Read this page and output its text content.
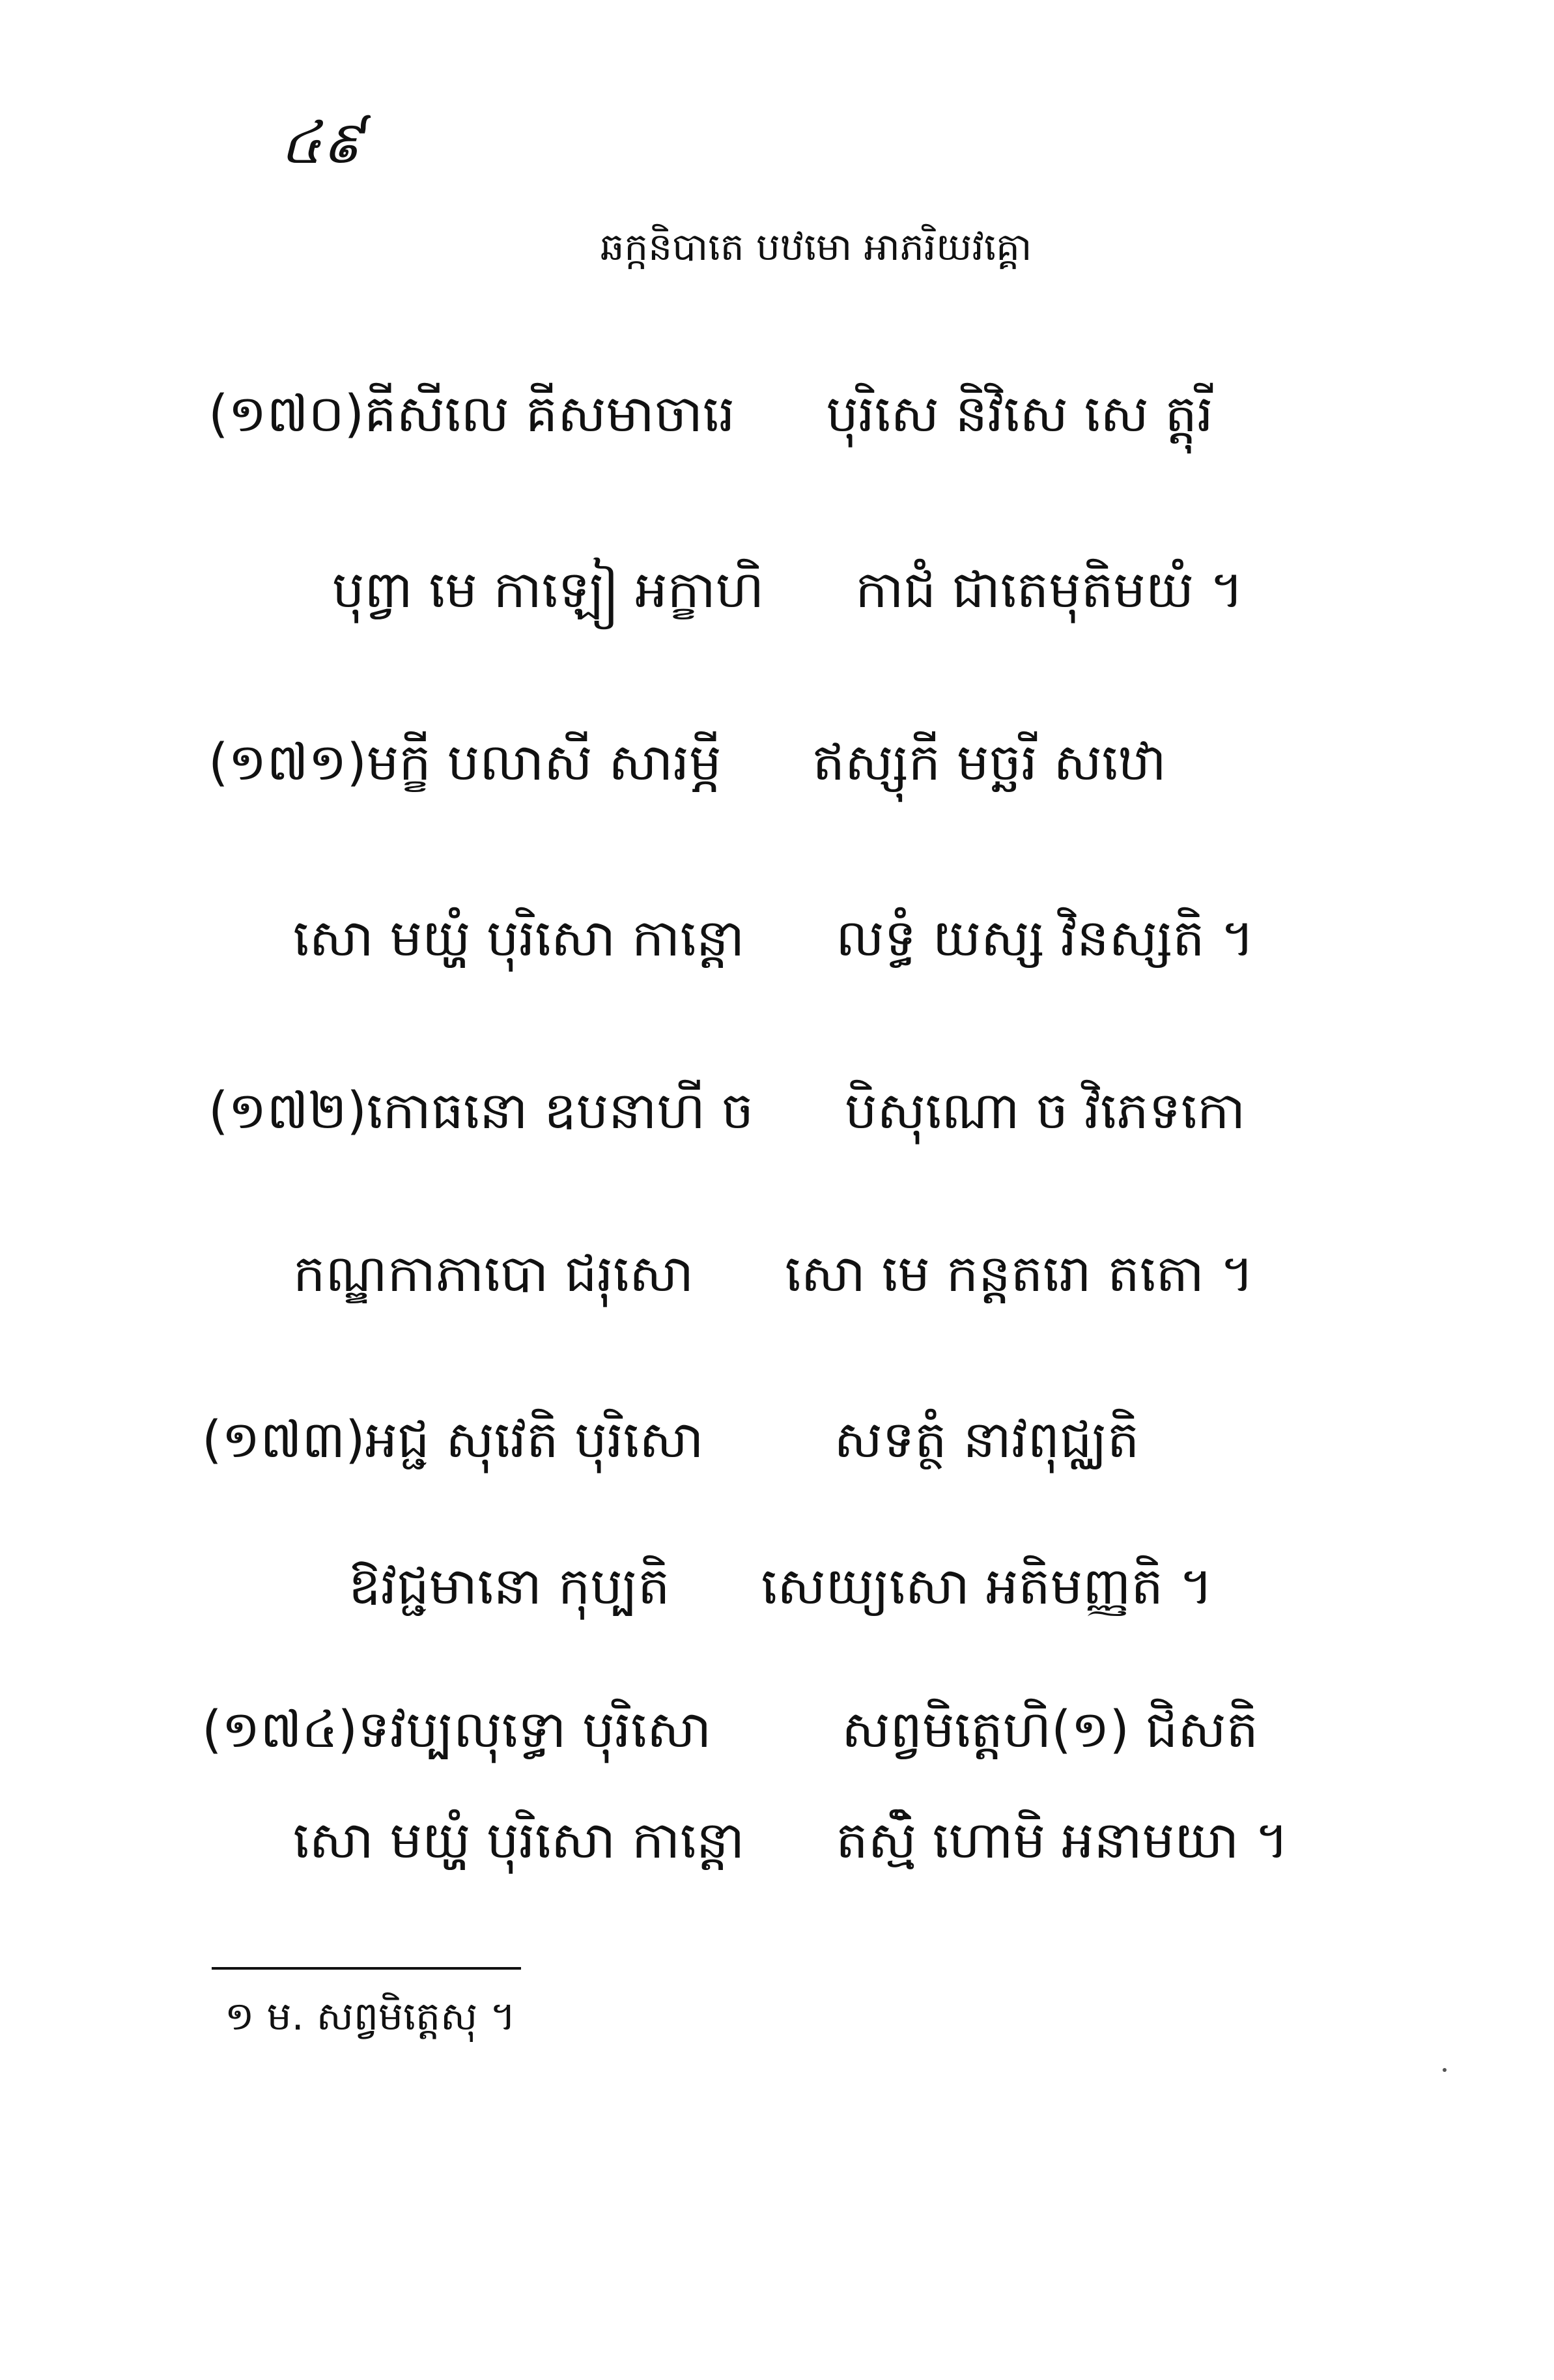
៤៩
ឆក្កនិបាតេ បឋមោ អាភរិយវគ្គោ
(១៧០)គីសីលេ គីសមាចារេ បុរិសេ និវិសេ សេ ត្តុរី
បុព្វា មេ កាឡៀ អក្ខាហិ កាជំ ជាតេមុតិមយំ ។
(១៧១)មក្ខី បលាសី សារម្ភី ឥស្សុកី មច្ឆរី សឋោ
សោ មយ្ហំ បុរិសោ កាន្តោ លទ្ធំ យស្ស វិនស្សតិ ។
(១៧២)កោធនោ ឧបនាហី ច បិសុណោ ច វិភេទកោ
កណ្ឌកាភាបោ ជរុសោ សោ មេ កន្តតរោ តតោ ។
(១៧៣)អជ្ជ សុវេតិ បុរិសោ	សទត្ថំ នាវពុជ្ឈតិ
ឱវជ្ជមានោ កុប្បតិ សេយ្យសោ អតិមញ្ញតិ ។
(១៧៤)ទវប្បលុទ្ធោ បុរិសោ	សព្វមិត្តេហិ(១) ជិសតិ
សោ មយ្ហំ បុរិសោ កាន្តោ តស្មិំ ហោមិ អនាមយា ។
១ ម. សព្វមិត្តេសុ ។
